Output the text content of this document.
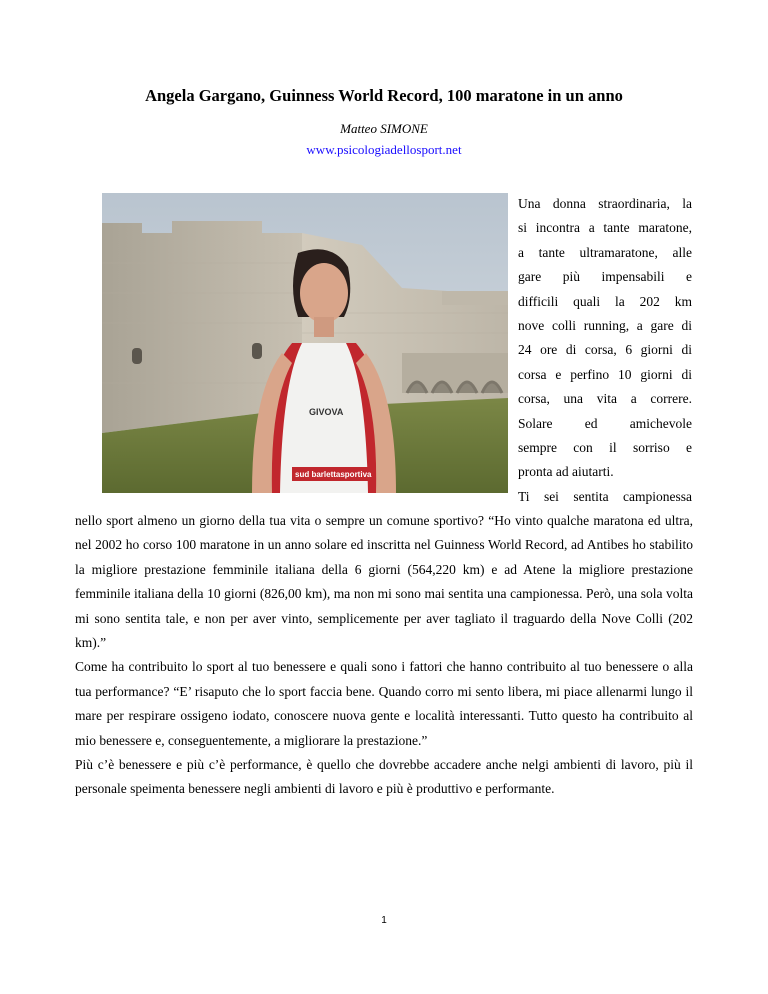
Angela Gargano, Guinness World Record, 100 maratone in un anno
Matteo SIMONE
www.psicologiadellosport.net
GIVOVA
sud barlettasportiva
Una donna straordinaria, la
si incontra a tante maratone,
a tante ultramaratone, alle
gare più impensabili e
difficili quali la 202 km
nove colli running, a gare di
24 ore di corsa, 6 giorni di
corsa e perfino 10 giorni di
corsa, una vita a correre.
Solare ed amichevole
sempre con il sorriso e
pronta ad aiutarti.
Ti sei sentita campionessa

nello sport almeno un giorno della tua vita o sempre un comune sportivo? “Ho vinto qualche maratona ed ultra, nel 2002 ho corso 100 maratone in un anno solare ed inscritta nel Guinness World Record, ad Antibes ho stabilito la migliore prestazione femminile italiana della 6 giorni (564,220 km) e ad Atene la migliore prestazione femminile italiana della 10 giorni (826,00 km), ma non mi sono mai sentita una campionessa. Però, una sola volta mi sono sentita tale, e non per aver vinto, semplicemente per aver tagliato il traguardo della Nove Colli (202 km).”

Come ha contribuito lo sport al tuo benessere e quali sono i fattori che hanno contribuito al tuo benessere o alla tua performance? “E’ risaputo che lo sport faccia bene. Quando corro mi sento libera, mi piace allenarmi lungo il mare per respirare ossigeno iodato, conoscere nuova gente e località interessanti. Tutto questo ha contribuito al mio benessere e, conseguentemente, a migliorare la prestazione.”

Più c’è benessere e più c’è performance, è quello che dovrebbe accadere anche nelgi ambienti di lavoro, più il personale speimenta benessere negli ambienti di lavoro e più è produttivo e performante.

1
